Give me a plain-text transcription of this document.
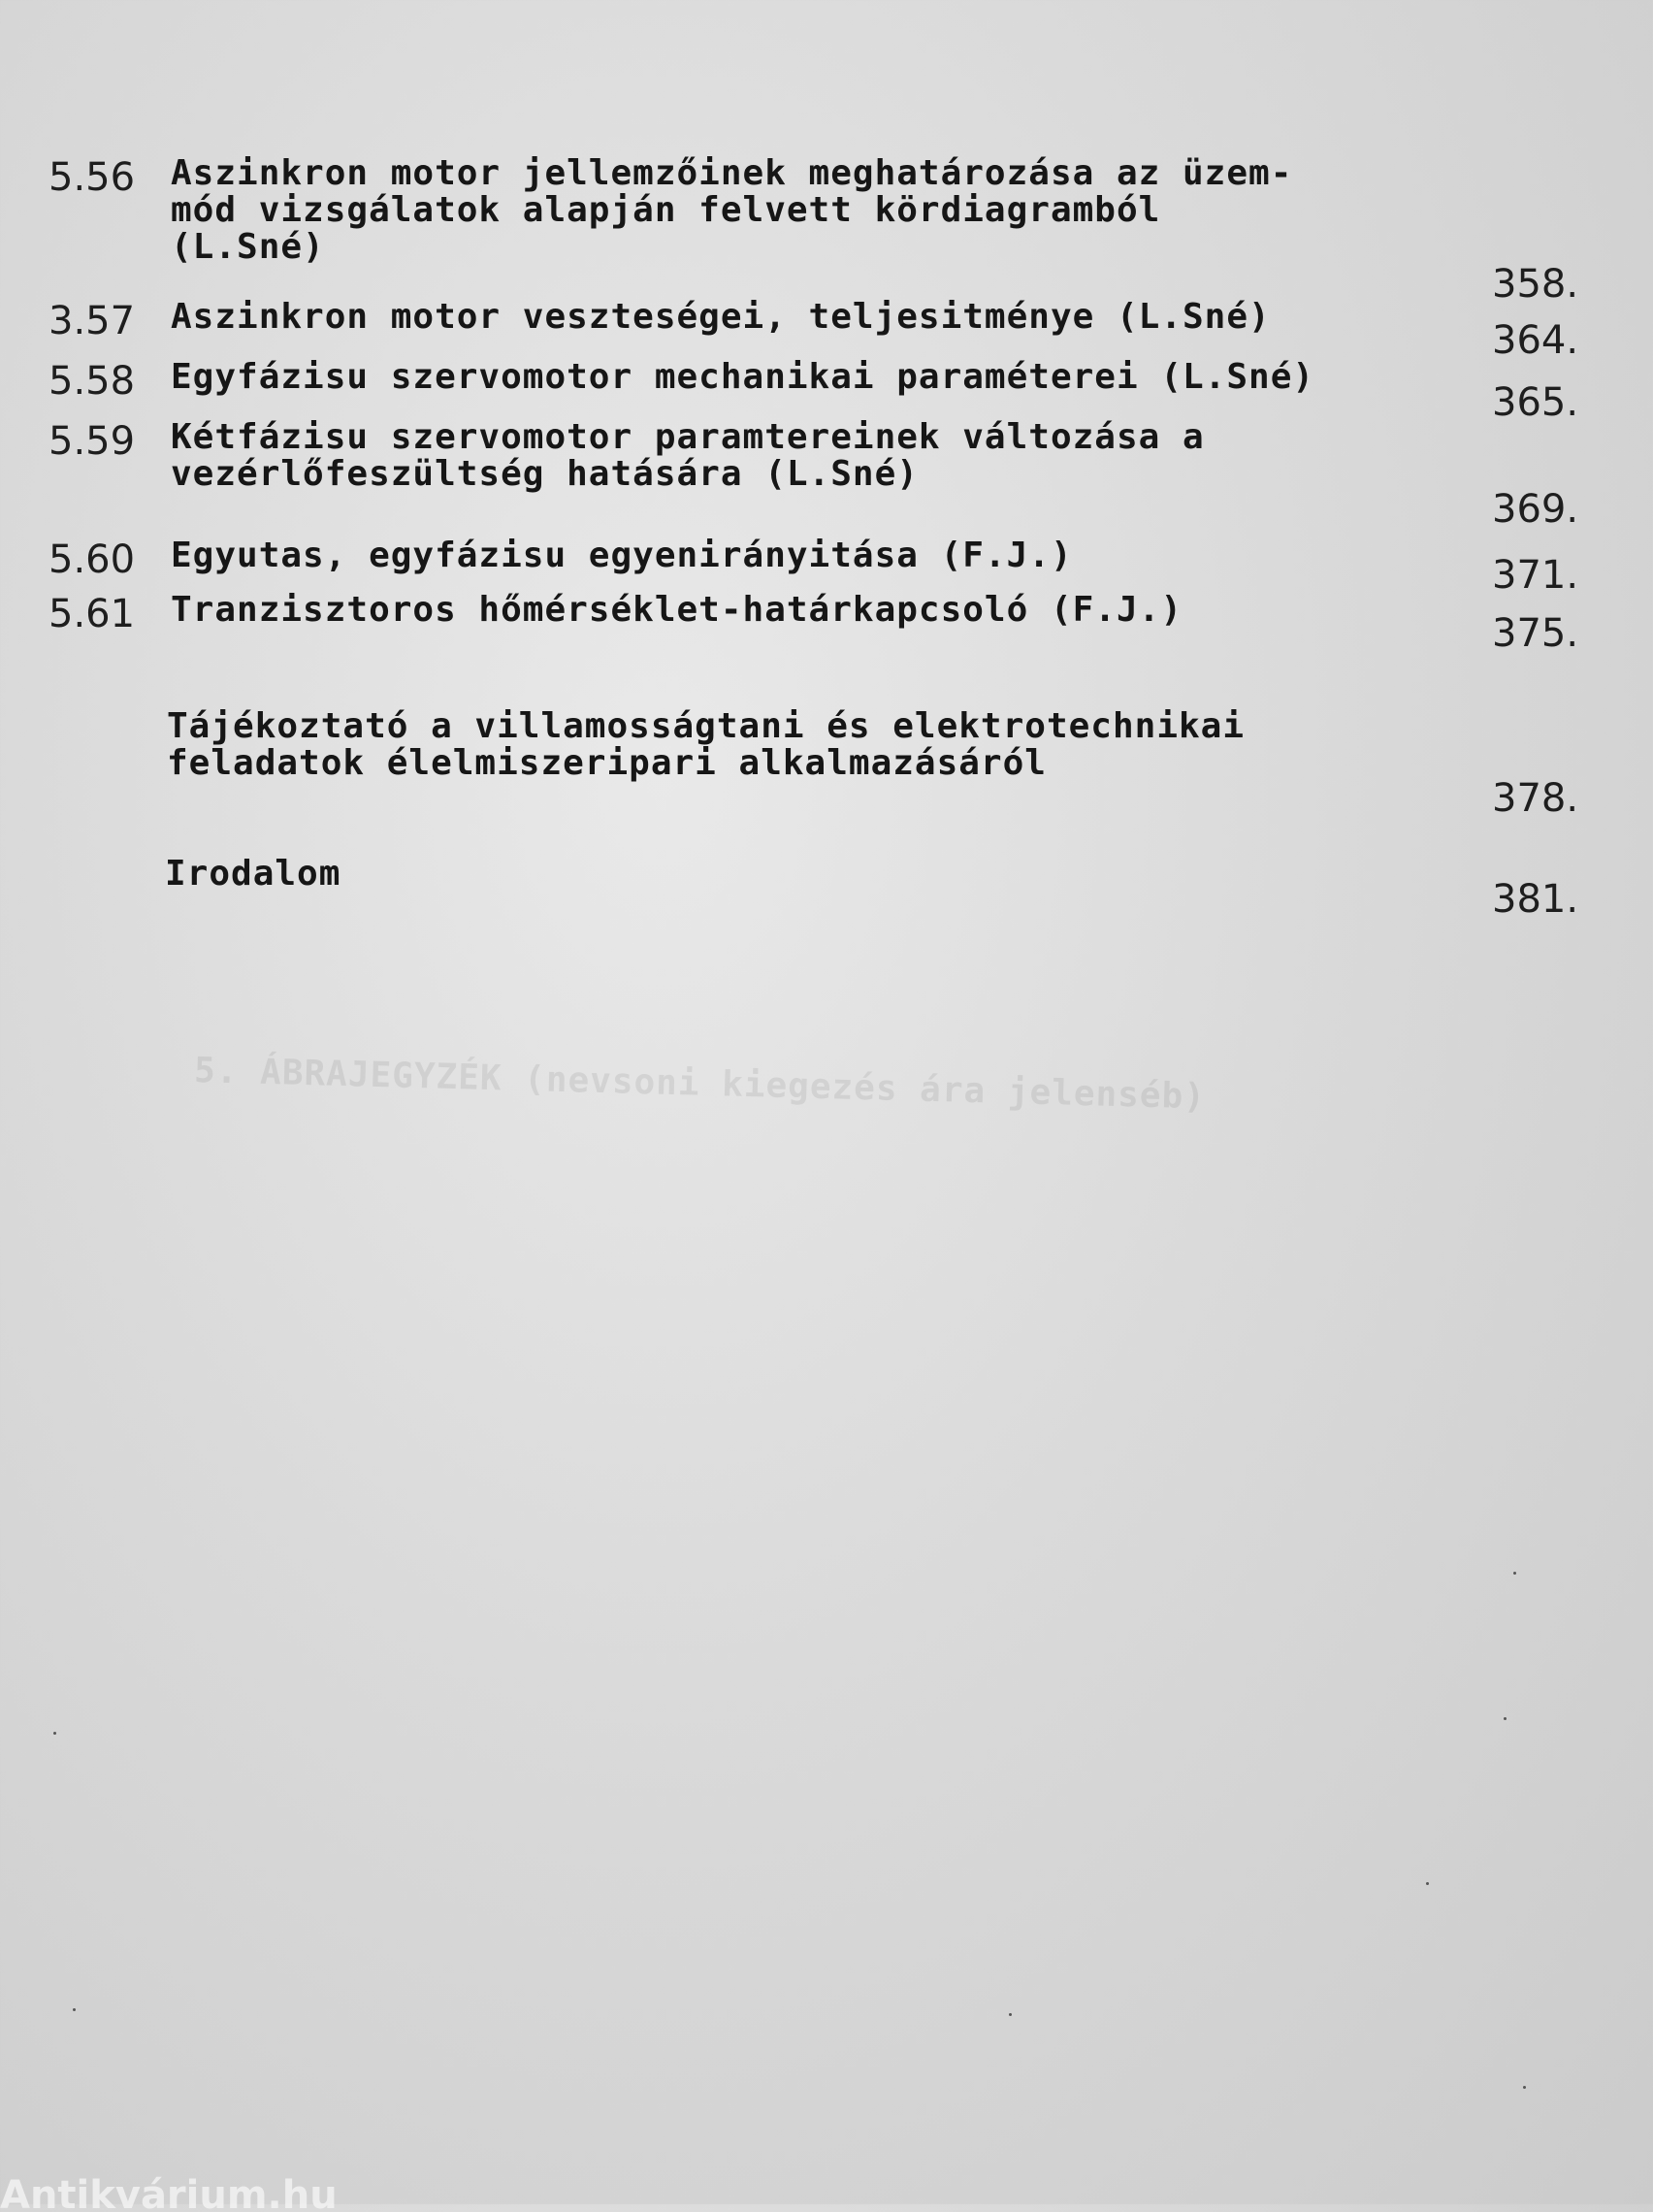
5.56 Aszinkron motor jellemzőinek meghatározása az üzem-
mód vizsgálatok alapján felvett kördiagramból
(L.Sné)
358.
3.57 Aszinkron motor veszteségei, teljesitménye (L.Sné)
364.
5.58 Egyfázisu szervomotor mechanikai paraméterei (L.Sné)
365.
5.59 Kétfázisu szervomotor paramtereinek változása a
vezérlőfeszültség hatására (L.Sné)
369.
5.60 Egyutas, egyfázisu egyenirányitása (F.J.)	371.
5.61 Tranzisztoros hőmérséklet-határkapcsoló (F.J.)
375.
Tájékoztató a villamosságtani és elektrotechnikai
feladatok élelmiszeripari alkalmazásáról
378.
Irodalom
381.
5. ÁBRAJEGYZÉK (nevsoni kiegezés ára jelenséb)
Antikvárium.hu
